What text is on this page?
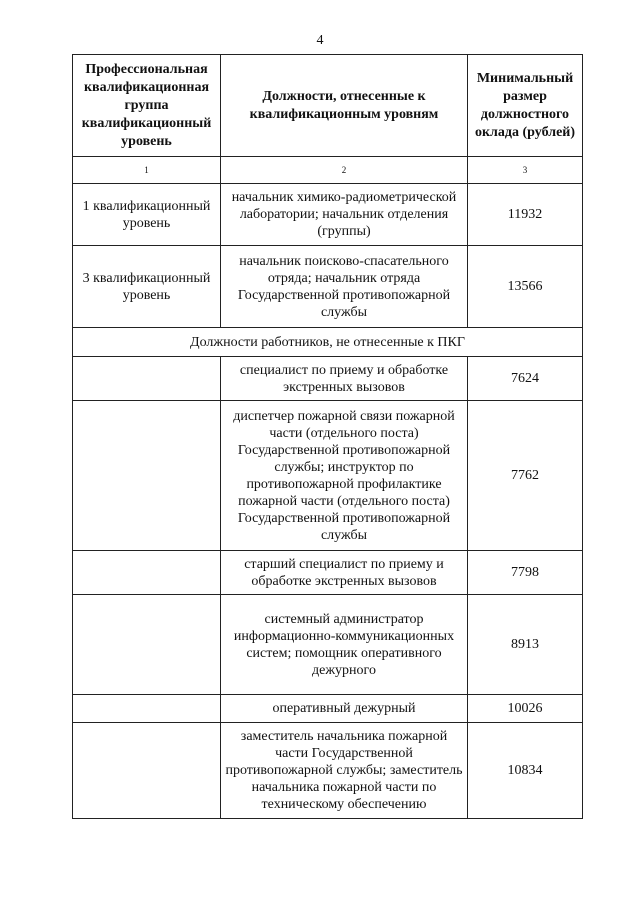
4
Профессиональная квалификационная группа квалификационный уровень	Должности, отнесенные к квалификационным уровням	Минимальный размер должностного оклада (рублей)
1	2	3
1 квалификационный уровень	начальник химико-радиометрической лаборатории; начальник отделения (группы)	11932
3 квалификационный уровень	начальник поисково-спасательного отряда; начальник отряда Государственной противопожарной службы	13566
Должности работников, не отнесенные к ПКГ		
	специалист по приему и обработке экстренных вызовов	7624
	диспетчер пожарной связи пожарной части (отдельного поста) Государственной противопожарной службы; инструктор по противопожарной профилактике пожарной части (отдельного поста) Государственной противопожарной службы	7762
	старший специалист по приему и обработке экстренных вызовов	7798
	системный администратор информационно-коммуникационных систем; помощник оперативного дежурного	8913
	оперативный дежурный	10026
	заместитель начальника пожарной части Государственной противопожарной службы; заместитель начальника пожарной части по техническому обеспечению	10834
